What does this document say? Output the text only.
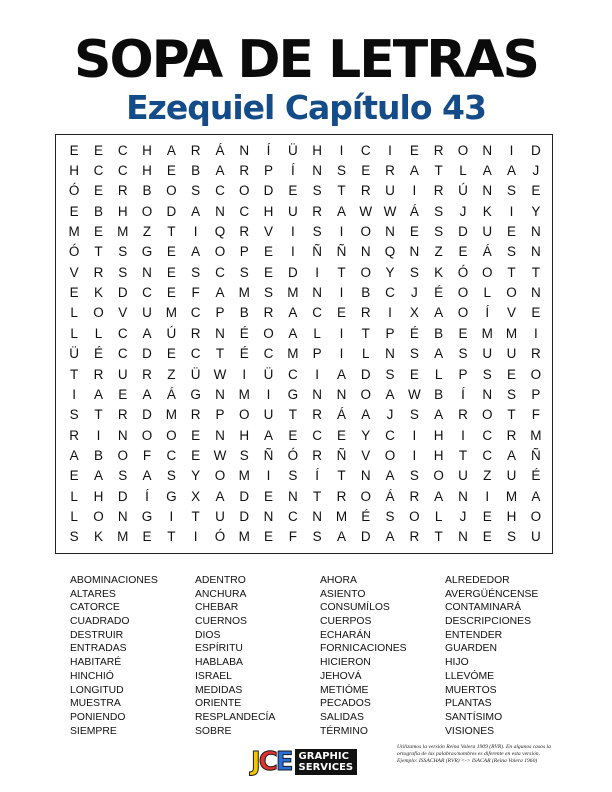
SOPA DE LETRAS
Ezequiel Capítulo 43
E	E	C	H	A	R	Á	N	Í	Ü	H	I	C	I	E	R	O	N	I	D
H	C	C	H	E	B	A	R	P	Í	N	S	E	R	A	T	L	A	A	J
Ó	E	R	B	O	S	C	O	D	E	S	T	R	U	I	R	Ú	N	S	E
E	B	H	O	D	A	N	C	H	U	R	A W W Á	S	J	K	I	Y
M	E	M	Z	T	I	Q	R	V	I	S	I	O	N	E	S	D	U	E	N
Ó	T	S	G	E	A	O	P	E	I	Ñ	Ñ	N	Q	N	Z	E	Á	S	N
V	R	S	N	E	S	C	S	E	D	I	T	O	Y	S	K	Ó	O	T	T
E	K	D	C	E	F	A	M	S	M	N	I	B	C	J	É	O	L	O	N
L	O	V	U	M	C	P	B	R	A	C	E	R	I	X	A	O	Í	V	E
L	L	C	A	Ú	R	N	É	O	A	L	I	T	P	É	B	E	M M	I
Ü	É	C	D	E	C	T	É	C	M	P	I	L	N	S	A	S	U	U	R
T	R	U	R	Z	Ü W	I	Ü	C	I	A	D	S	E	L	P	S	E	O
I	A	E	A	Á	G	N	M	I	G	N	N	O	A W B	Í	N	S	P
S	T	R	D	M	R	P	O	U	T	R	Á	A	J	S	A	R	O	T	F
R	I	N	O	O	E	N	H	A	E	C	E	Y	C	I	H	I	C	R	M
A	B	O	F	C	E W S	Ñ	Ó	R	Ñ	V	O	I	H	T	C	A	Ñ
E	A	S	A	S	Y	O M	I	S	Í	T	N	A	S	O	U	Z	U	É
L	H	D	Í	G	X	A	D	E	N	T	R	O	Á	R	A	N	I	M	A
L	O	N	G	I	T	U	D	N	C	N	M	É	S	O	L	J	E	H	O
S	K	M	E	T	I	Ó M	E	F	S	A	D	A	R	T	N	E	S	U
ABOMINACIONES	ADENTRO	AHORA	ALREDEDOR
ALTARES	ANCHURA	ASIENTO	AVERGÜÉNCENSE
CATORCE	CHEBAR	CONSUMÍLOS	CONTAMINARÁ
CUADRADO	CUERNOS	CUERPOS	DESCRIPCIONES
DESTRUIR	DIOS	ECHARÁN	ENTENDER
ENTRADAS	ESPÍRITU	FORNICACIONES	GUARDEN
HABITARÉ	HABLABA	HICIERON	HIJO
HINCHIÓ	ISRAEL	JEHOVÁ	LLEVÓME
LONGITUD	MEDIDAS	METIÓME	MUERTOS
MUESTRA	ORIENTE	PECADOS	PLANTAS
PONIENDO	RESPLANDECÍA	SALIDAS	SANTÍSIMO
SIEMPRE	SOBRE	TÉRMINO	VISIONES
JCE GRAPHIC
SERVICES
Utilizamos la versión Reina Valera 1909 (RVR). En algunos casos la ortografía de las palabras/nombres es diferente en esta versión. Ejemplo: ISSACHAR (RVR) <-> ISACAR (Reina Valera 1960)
